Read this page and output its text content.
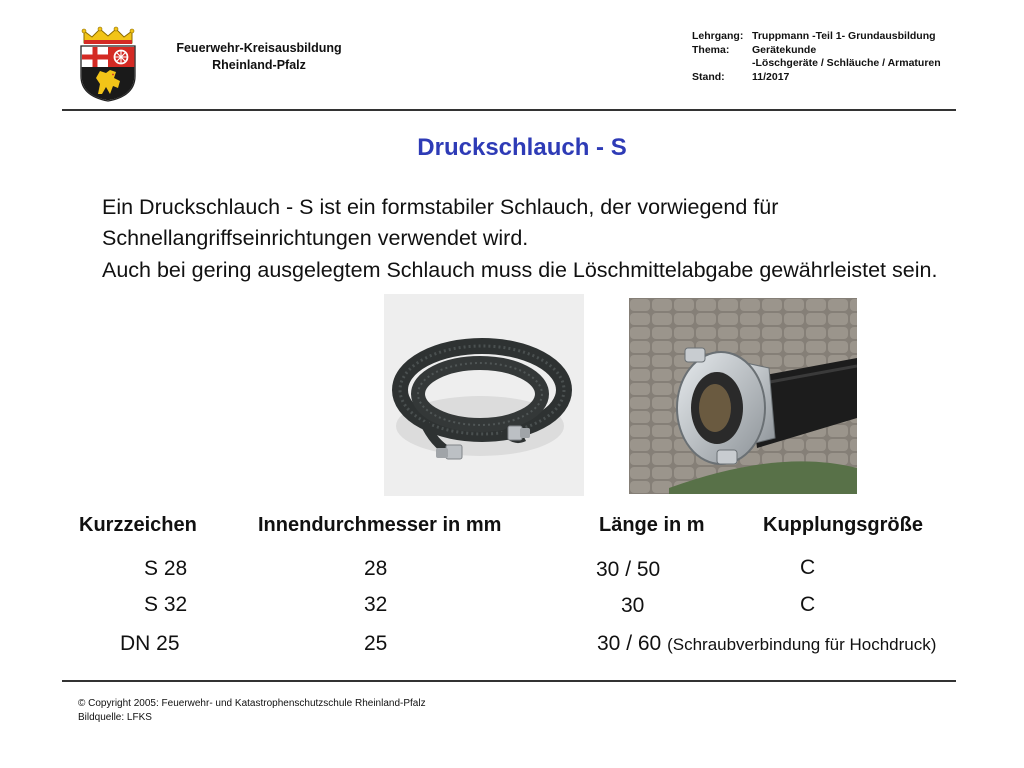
Feuerwehr-Kreisausbildung
Rheinland-Pfalz
Lehrgang: Truppmann -Teil 1- Grundausbildung
Thema:	Gerätekunde
-Löschgeräte / Schläuche / Armaturen
Stand:	11/2017
Druckschlauch - S
Ein Druckschlauch - S ist ein formstabiler Schlauch, der vorwiegend für Schnellangriffseinrichtungen verwendet wird.
Auch bei gering ausgelegtem Schlauch muss die Löschmittelabgabe gewährleistet sein.
Kurzzeichen	Innendurchmesser in mm	Länge in m	Kupplungsgröße
S 28	28	30 / 50	C
S 32	32	30	C
DN 25	25	30 / 60 (Schraubverbindung für Hochdruck)
© Copyright 2005: Feuerwehr- und Katastrophenschutzschule Rheinland-Pfalz
Bildquelle: LFKS
